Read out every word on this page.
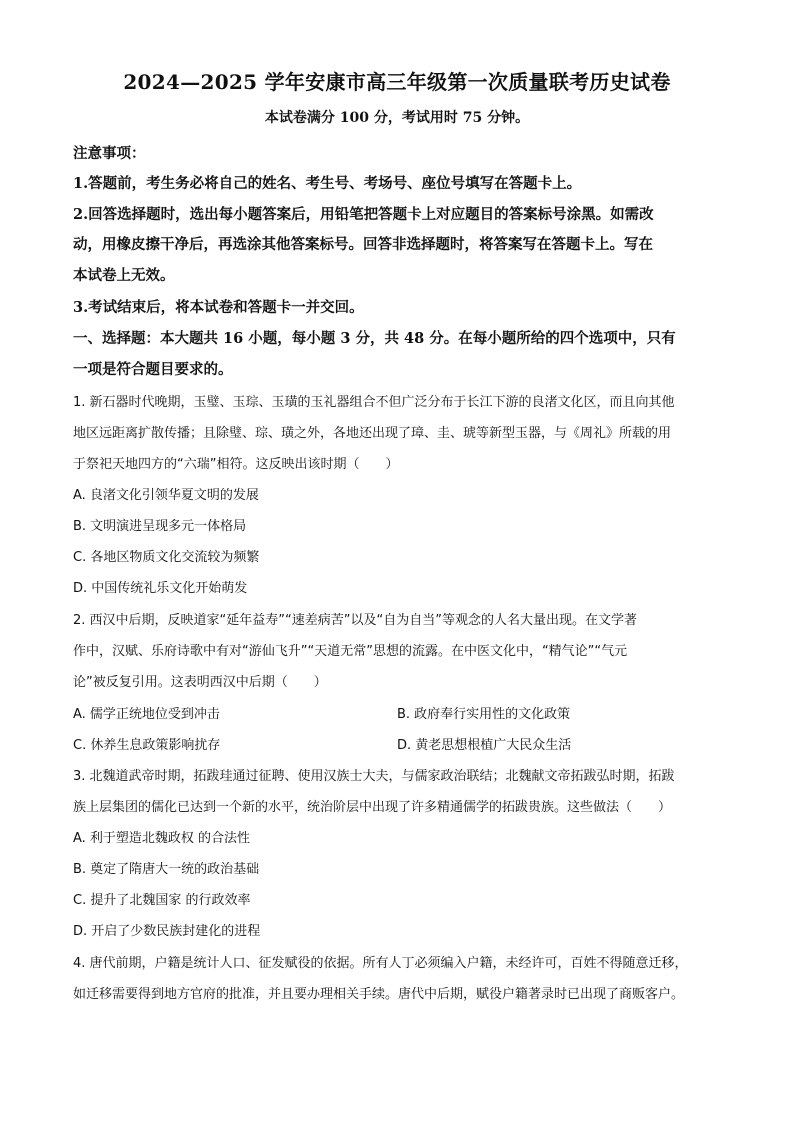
2024—2025 学年安康市高三年级第一次质量联考历史试卷
本试卷满分 100 分，考试用时 75 分钟。
注意事项：
1.答题前，考生务必将自己的姓名、考生号、考场号、座位号填写在答题卡上。
2.回答选择题时，选出每小题答案后，用铅笔把答题卡上对应题目的答案标号涂黑。如需改
动，用橡皮擦干净后，再选涂其他答案标号。回答非选择题时，将答案写在答题卡上。写在
本试卷上无效。
3.考试结束后，将本试卷和答题卡一并交回。
一、选择题：本大题共 16 小题，每小题 3 分，共 48 分。在每小题所给的四个选项中，只有
一项是符合题目要求的。
1. 新石器时代晚期，玉璧、玉琮、玉璜的玉礼器组合不但广泛分布于长江下游的良渚文化区，而且向其他
地区远距离扩散传播；且除璧、琮、璜之外，各地还出现了璋、圭、琥等新型玉器，与《周礼》所载的用
于祭祀天地四方的“六瑞”相符。这反映出该时期（　　）
A. 良渚文化引领华夏文明的发展
B. 文明演进呈现多元一体格局
C. 各地区物质文化交流较为频繁
D. 中国传统礼乐文化开始萌发
2. 西汉中后期，反映道家“延年益寿”“速差病苦”以及“自为自当”等观念的人名大量出现。在文学著
作中，汉赋、乐府诗歌中有对“游仙飞升”“天道无常”思想的流露。在中医文化中，“精气论”“气元
论”被反复引用。这表明西汉中后期（　　）
A. 儒学正统地位受到冲击	B. 政府奉行实用性的文化政策
C. 休养生息政策影响扰存	D. 黄老思想根植广大民众生活
3. 北魏道武帝时期，拓跋珪通过征聘、使用汉族士大夫，与儒家政治联结；北魏献文帝拓跋弘时期，拓跋
族上层集团的儒化已达到一个新的水平，统治阶层中出现了许多精通儒学的拓跋贵族。这些做法（　　）
A. 利于塑造北魏政权 的合法性
B. 奠定了隋唐大一统的政治基础
C. 提升了北魏国家 的行政效率
D. 开启了少数民族封建化的进程
4. 唐代前期，户籍是统计人口、征发赋役的依据。所有人丁必须编入户籍，未经许可，百姓不得随意迁移，
如迁移需要得到地方官府的批准，并且要办理相关手续。唐代中后期，赋役户籍著录时已出现了商贩客户。
